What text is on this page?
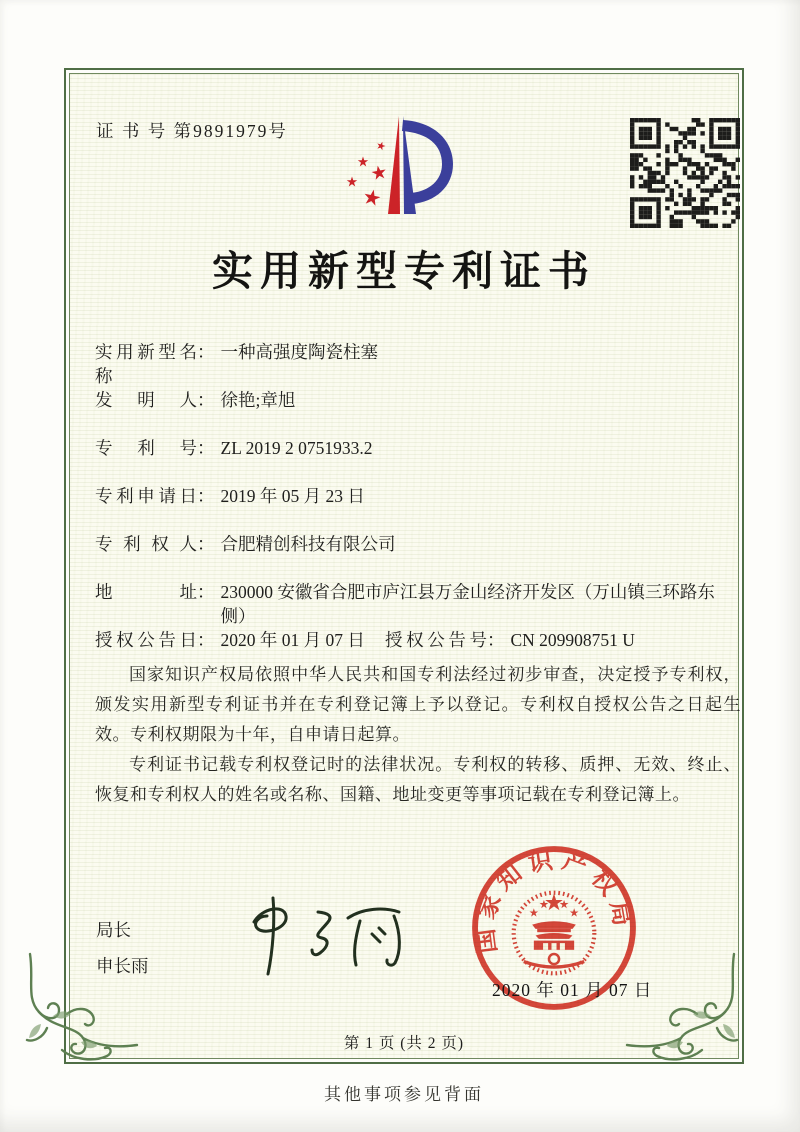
证 书 号 第9891979号
实用新型专利证书
实用新型名称
： 一种高强度陶瓷柱塞
发明人 ： 徐艳;章旭
专利号 ： ZL 2019 2 0751933.2
专利申请日 ： 2019 年 05 月 23 日
专利权人 ： 合肥精创科技有限公司
地址 ： 230000 安徽省合肥市庐江县万金山经济开发区（万山镇三环路东侧）
授权公告日 ： 2020 年 01 月 07 日 授权公告号 ： CN 209908751 U

国家知识产权局依照中华人民共和国专利法经过初步审查，决定授予专利权，颁发实用新型专利证书并在专利登记簿上予以登记。专利权自授权公告之日起生效。专利权期限为十年，自申请日起算。

专利证书记载专利权登记时的法律状况。专利权的转移、质押、无效、终止、恢复和专利权人的姓名或名称、国籍、地址变更等事项记载在专利登记簿上。

局长
申长雨
国家知识产权局
2020 年 01 月 07 日
第 1 页 (共 2 页)
其他事项参见背面
